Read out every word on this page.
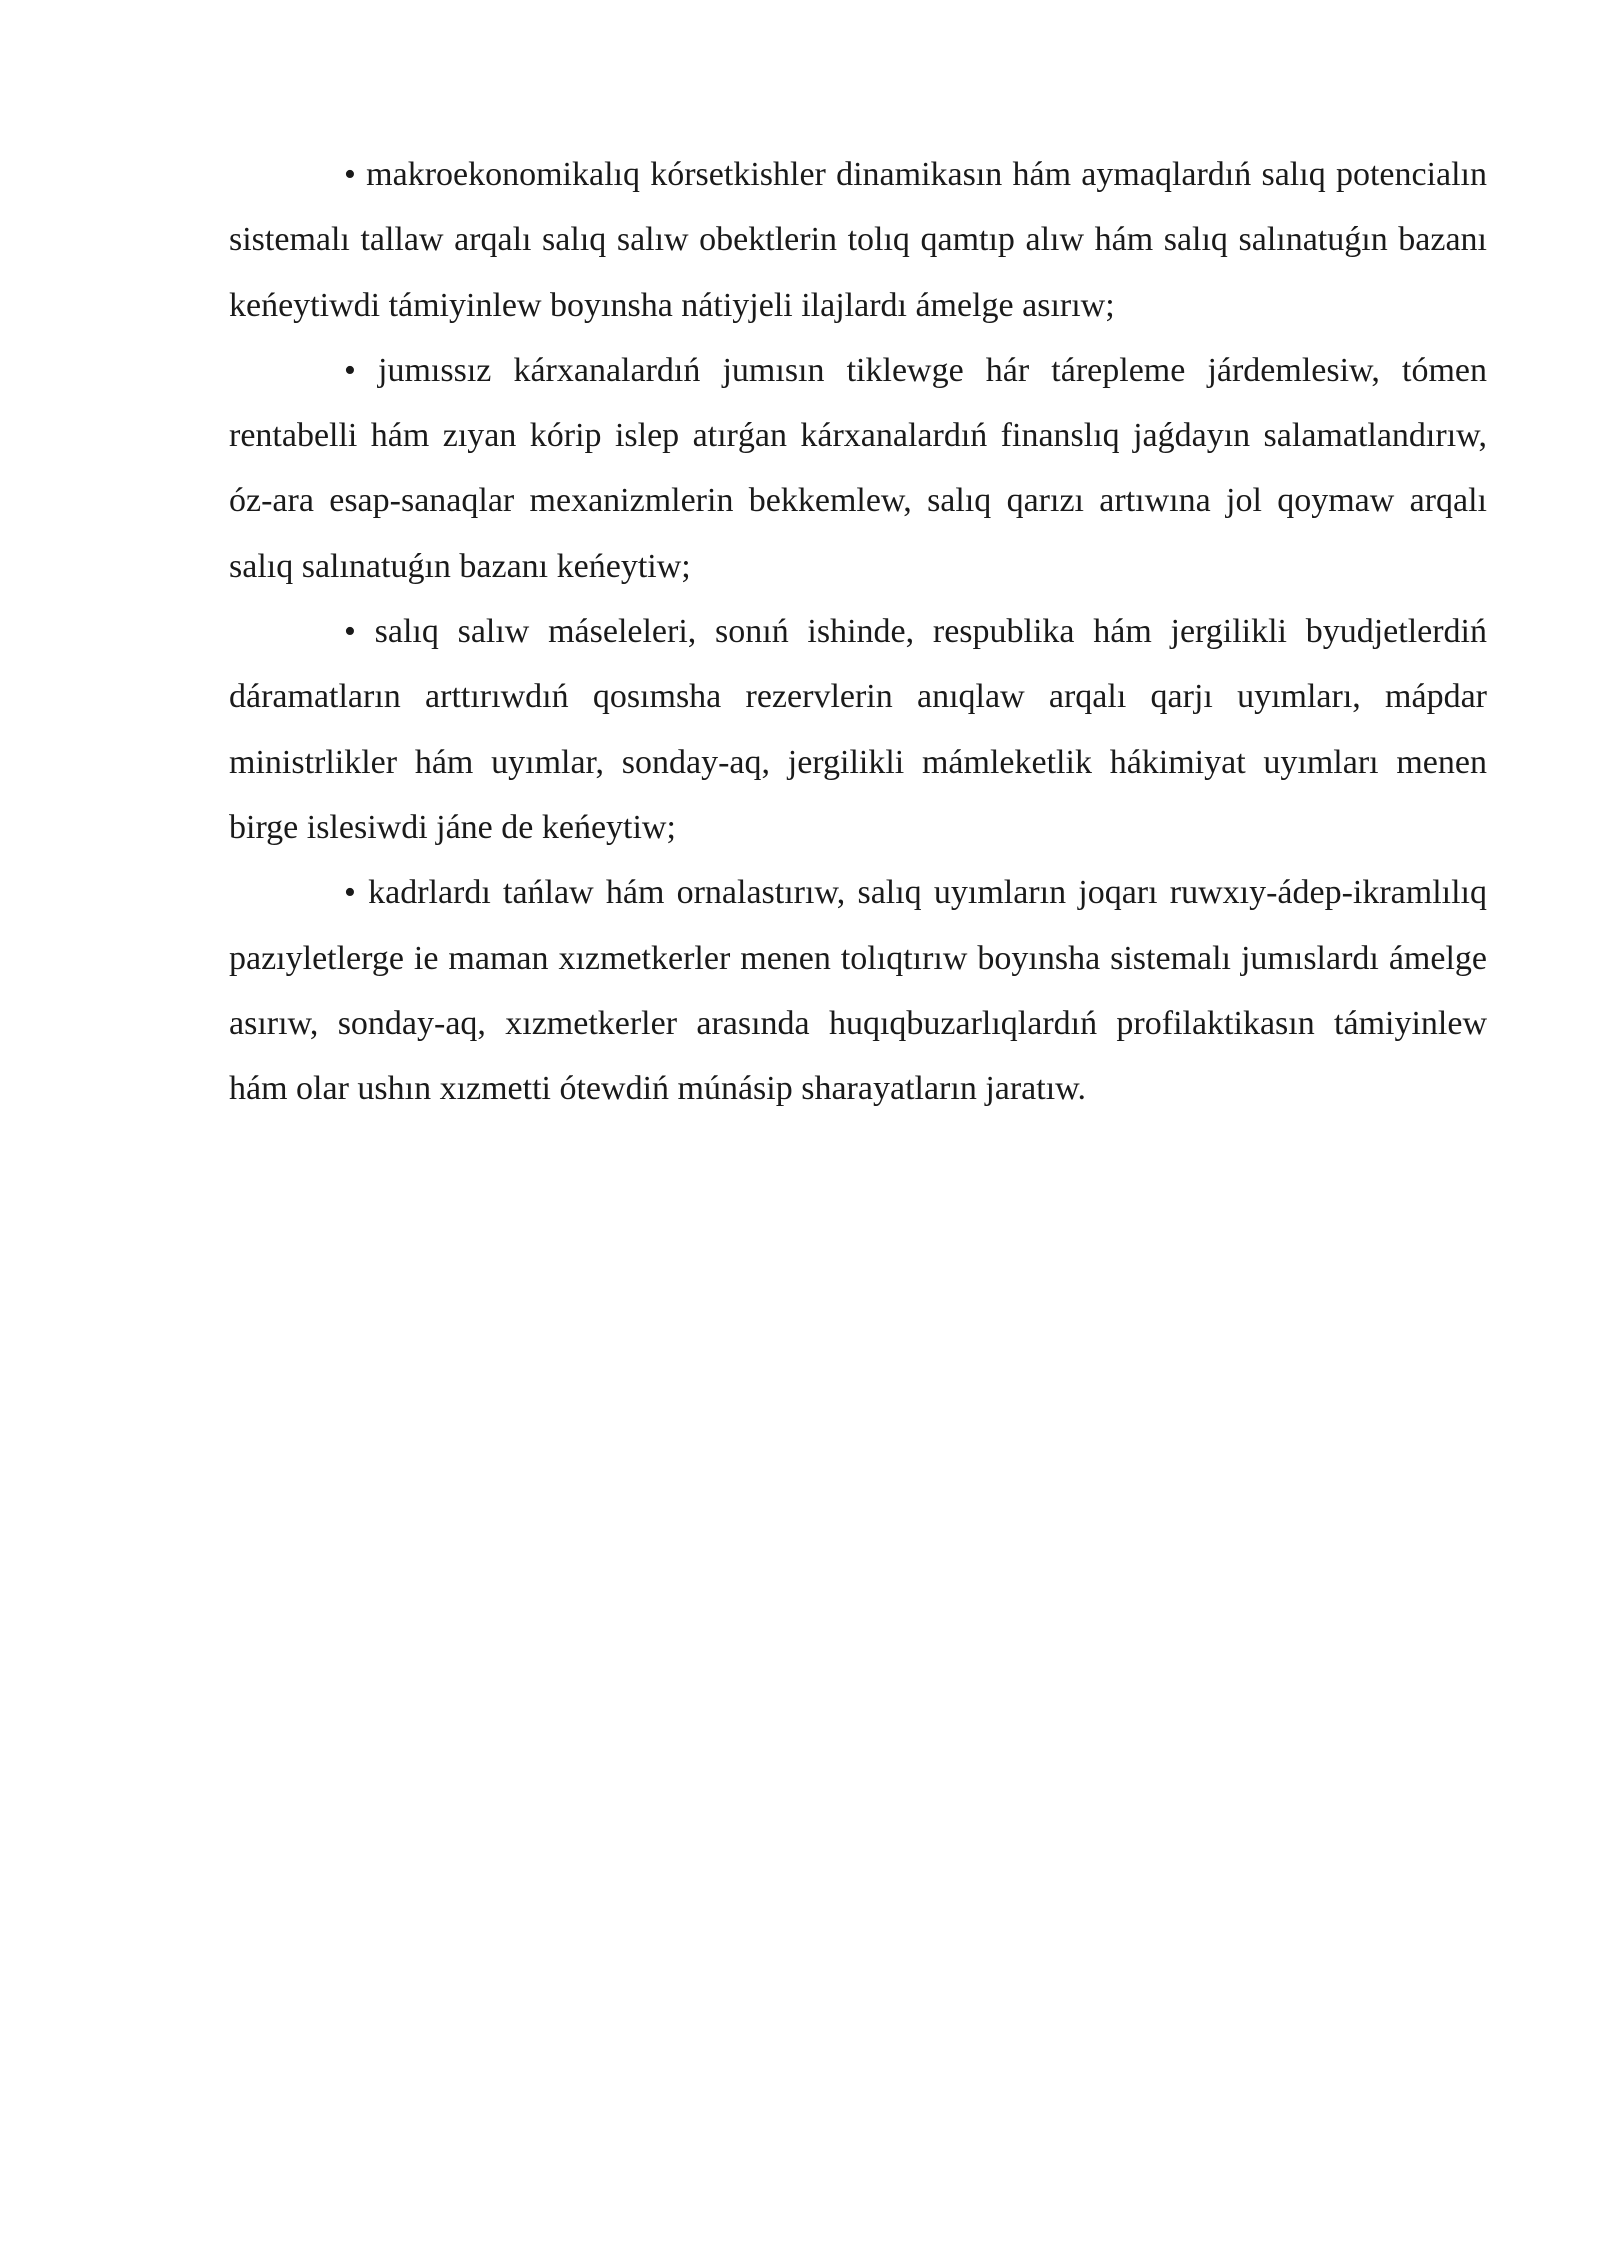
• makroekonomikalıq kórsetkishler dinamikasın hám aymaqlardıń salıq potencialın sistemalı tallaw arqalı salıq salıw obektlerin tolıq qamtıp alıw hám salıq salınatuǵın bazanı keńeytiwdi támiyinlew boyınsha nátiyjeli ilajlardı ámelge asırıw;

• jumıssız kárxanalardıń jumısın tiklewge hár tárepleme járdemlesiw, tómen rentabelli hám zıyan kórip islep atırǵan kárxanalardıń finanslıq jaǵdayın salamatlandırıw, óz-ara esap-sanaqlar mexanizmlerin bekkemlew, salıq qarızı artıwına jol qoymaw arqalı salıq salınatuǵın bazanı keńeytiw;

• salıq salıw máseleleri, sonıń ishinde, respublika hám jergilikli byudjetlerdiń dáramatların arttırıwdıń qosımsha rezervlerin anıqlaw arqalı qarjı uyımları, mápdar ministrlikler hám uyımlar, sonday-aq, jergilikli mámleketlik hákimiyat uyımları menen birge islesiwdi jáne de keńeytiw;

• kadrlardı tańlaw hám ornalastırıw, salıq uyımların joqarı ruwxıy-ádep-ikramlılıq pazıyletlerge ie maman xızmetkerler menen tolıqtırıw boyınsha sistemalı jumıslardı ámelge asırıw, sonday-aq, xızmetkerler arasında huqıqbuzarlıqlardıń profilaktikasın támiyinlew hám olar ushın xızmetti ótewdiń múnásip sharayatların jaratıw.
